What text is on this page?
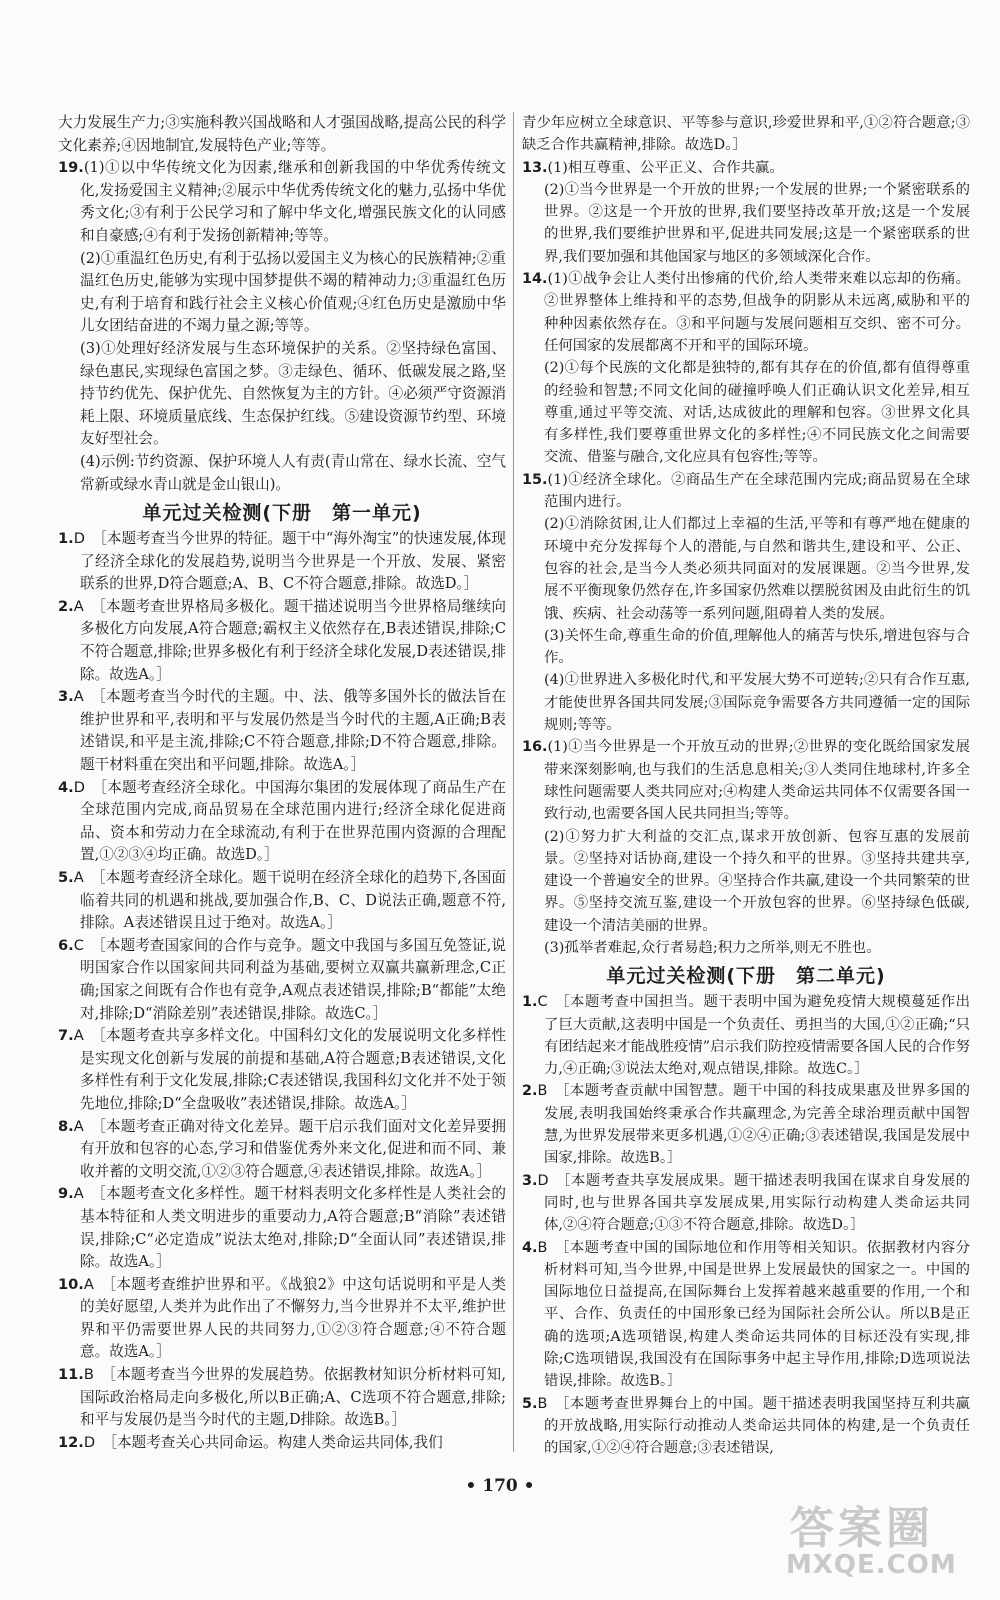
大力发展生产力;③实施科教兴国战略和人才强国战略,提高公民的科学文化素养;④因地制宜,发展特色产业;等等。

19.(1)①以中华传统文化为因素,继承和创新我国的中华优秀传统文化,发扬爱国主义精神;②展示中华优秀传统文化的魅力,弘扬中华优秀文化;③有利于公民学习和了解中华文化,增强民族文化的认同感和自豪感;④有利于发扬创新精神;等等。

(2)①重温红色历史,有利于弘扬以爱国主义为核心的民族精神;②重温红色历史,能够为实现中国梦提供不竭的精神动力;③重温红色历史,有利于培育和践行社会主义核心价值观;④红色历史是激励中华儿女团结奋进的不竭力量之源;等等。

(3)①处理好经济发展与生态环境保护的关系。②坚持绿色富国、绿色惠民,实现绿色富国之梦。③走绿色、循环、低碳发展之路,坚持节约优先、保护优先、自然恢复为主的方针。④必须严守资源消耗上限、环境质量底线、生态保护红线。⑤建设资源节约型、环境友好型社会。

(4)示例:节约资源、保护环境人人有责(青山常在、绿水长流、空气常新或绿水青山就是金山银山)。

单元过关检测(下册　第一单元)

1.D  ［本题考查当今世界的特征。题干中“海外淘宝”的快速发展,体现了经济全球化的发展趋势,说明当今世界是一个开放、发展、紧密联系的世界,D符合题意;A、B、C不符合题意,排除。故选D。］

2.A  ［本题考查世界格局多极化。题干描述说明当今世界格局继续向多极化方向发展,A符合题意;霸权主义依然存在,B表述错误,排除;C不符合题意,排除;世界多极化有利于经济全球化发展,D表述错误,排除。故选A。］

3.A  ［本题考查当今时代的主题。中、法、俄等多国外长的做法旨在维护世界和平,表明和平与发展仍然是当今时代的主题,A正确;B表述错误,和平是主流,排除;C不符合题意,排除;D不符合题意,排除。题干材料重在突出和平问题,排除。故选A。］

4.D  ［本题考查经济全球化。中国海尔集团的发展体现了商品生产在全球范围内完成,商品贸易在全球范围内进行;经济全球化促进商品、资本和劳动力在全球流动,有利于在世界范围内资源的合理配置,①②③④均正确。故选D。］

5.A  ［本题考查经济全球化。题干说明在经济全球化的趋势下,各国面临着共同的机遇和挑战,要加强合作,B、C、D说法正确,题意不符,排除。A表述错误且过于绝对。故选A。］

6.C  ［本题考查国家间的合作与竞争。题文中我国与多国互免签证,说明国家合作以国家间共同利益为基础,要树立双赢共赢新理念,C正确;国家之间既有合作也有竞争,A观点表述错误,排除;B“都能”太绝对,排除;D“消除差别”表述错误,排除。故选C。］

7.A  ［本题考查共享多样文化。中国科幻文化的发展说明文化多样性是实现文化创新与发展的前提和基础,A符合题意;B表述错误,文化多样性有利于文化发展,排除;C表述错误,我国科幻文化并不处于领先地位,排除;D“全盘吸收”表述错误,排除。故选A。］

8.A  ［本题考查正确对待文化差异。题干启示我们面对文化差异要拥有开放和包容的心态,学习和借鉴优秀外来文化,促进和而不同、兼收并蓄的文明交流,①②③符合题意,④表述错误,排除。故选A。］

9.A  ［本题考查文化多样性。题干材料表明文化多样性是人类社会的基本特征和人类文明进步的重要动力,A符合题意;B“消除”表述错误,排除;C“必定造成”说法太绝对,排除;D“全面认同”表述错误,排除。故选A。］

10.A  ［本题考查维护世界和平。《战狼2》中这句话说明和平是人类的美好愿望,人类并为此作出了不懈努力,当今世界并不太平,维护世界和平仍需要世界人民的共同努力,①②③符合题意;④不符合题意。故选A。］

11.B  ［本题考查当今世界的发展趋势。依据教材知识分析材料可知,国际政治格局走向多极化,所以B正确;A、C选项不符合题意,排除;和平与发展仍是当今时代的主题,D排除。故选B。］

12.D  ［本题考查关心共同命运。构建人类命运共同体,我们

青少年应树立全球意识、平等参与意识,珍爱世界和平,①②符合题意;③缺乏合作共赢精神,排除。故选D。］

13.(1)相互尊重、公平正义、合作共赢。

(2)①当今世界是一个开放的世界;一个发展的世界;一个紧密联系的世界。②这是一个开放的世界,我们要坚持改革开放;这是一个发展的世界,我们要维护世界和平,促进共同发展;这是一个紧密联系的世界,我们要加强和其他国家与地区的多领域深化合作。

14.(1)①战争会让人类付出惨痛的代价,给人类带来难以忘却的伤痛。②世界整体上维持和平的态势,但战争的阴影从未远离,威胁和平的种种因素依然存在。③和平问题与发展问题相互交织、密不可分。任何国家的发展都离不开和平的国际环境。

(2)①每个民族的文化都是独特的,都有其存在的价值,都有值得尊重的经验和智慧;不同文化间的碰撞呼唤人们正确认识文化差异,相互尊重,通过平等交流、对话,达成彼此的理解和包容。③世界文化具有多样性,我们要尊重世界文化的多样性;④不同民族文化之间需要交流、借鉴与融合,文化应具有包容性;等等。

15.(1)①经济全球化。②商品生产在全球范围内完成;商品贸易在全球范围内进行。

(2)①消除贫困,让人们都过上幸福的生活,平等和有尊严地在健康的环境中充分发挥每个人的潜能,与自然和谐共生,建设和平、公正、包容的社会,是当今人类必须共同面对的发展课题。②当今世界,发展不平衡现象仍然存在,许多国家仍然难以摆脱贫困及由此衍生的饥饿、疾病、社会动荡等一系列问题,阻碍着人类的发展。

(3)关怀生命,尊重生命的价值,理解他人的痛苦与快乐,增进包容与合作。

(4)①世界进入多极化时代,和平发展大势不可逆转;②只有合作互惠,才能使世界各国共同发展;③国际竞争需要各方共同遵循一定的国际规则;等等。

16.(1)①当今世界是一个开放互动的世界;②世界的变化既给国家发展带来深刻影响,也与我们的生活息息相关;③人类同住地球村,许多全球性问题需要人类共同应对;④构建人类命运共同体不仅需要各国一致行动,也需要各国人民共同担当;等等。

(2)①努力扩大利益的交汇点,谋求开放创新、包容互惠的发展前景。②坚持对话协商,建设一个持久和平的世界。③坚持共建共享,建设一个普遍安全的世界。④坚持合作共赢,建设一个共同繁荣的世界。⑤坚持交流互鉴,建设一个开放包容的世界。⑥坚持绿色低碳,建设一个清洁美丽的世界。

(3)孤举者难起,众行者易趋;积力之所举,则无不胜也。

单元过关检测(下册　第二单元)

1.C  ［本题考查中国担当。题干表明中国为避免疫情大规模蔓延作出了巨大贡献,这表明中国是一个负责任、勇担当的大国,①②正确;“只有团结起来才能战胜疫情”启示我们防控疫情需要各国人民的合作努力,④正确;③说法太绝对,观点错误,排除。故选C。］

2.B  ［本题考查贡献中国智慧。题干中国的科技成果惠及世界多国的发展,表明我国始终秉承合作共赢理念,为完善全球治理贡献中国智慧,为世界发展带来更多机遇,①②④正确;③表述错误,我国是发展中国家,排除。故选B。］

3.D  ［本题考查共享发展成果。题干描述表明我国在谋求自身发展的同时,也与世界各国共享发展成果,用实际行动构建人类命运共同体,②④符合题意;①③不符合题意,排除。故选D。］

4.B  ［本题考查中国的国际地位和作用等相关知识。依据教材内容分析材料可知,当今世界,中国是世界上发展最快的国家之一。中国的国际地位日益提高,在国际舞台上发挥着越来越重要的作用,一个和平、合作、负责任的中国形象已经为国际社会所公认。所以B是正确的选项;A选项错误,构建人类命运共同体的目标还没有实现,排除;C选项错误,我国没有在国际事务中起主导作用,排除;D选项说法错误,排除。故选B。］

5.B  ［本题考查世界舞台上的中国。题干描述表明我国坚持互利共赢的开放战略,用实际行动推动人类命运共同体的构建,是一个负责任的国家,①②④符合题意;③表述错误,

• 170 •
答案圈
MXQE.COM
